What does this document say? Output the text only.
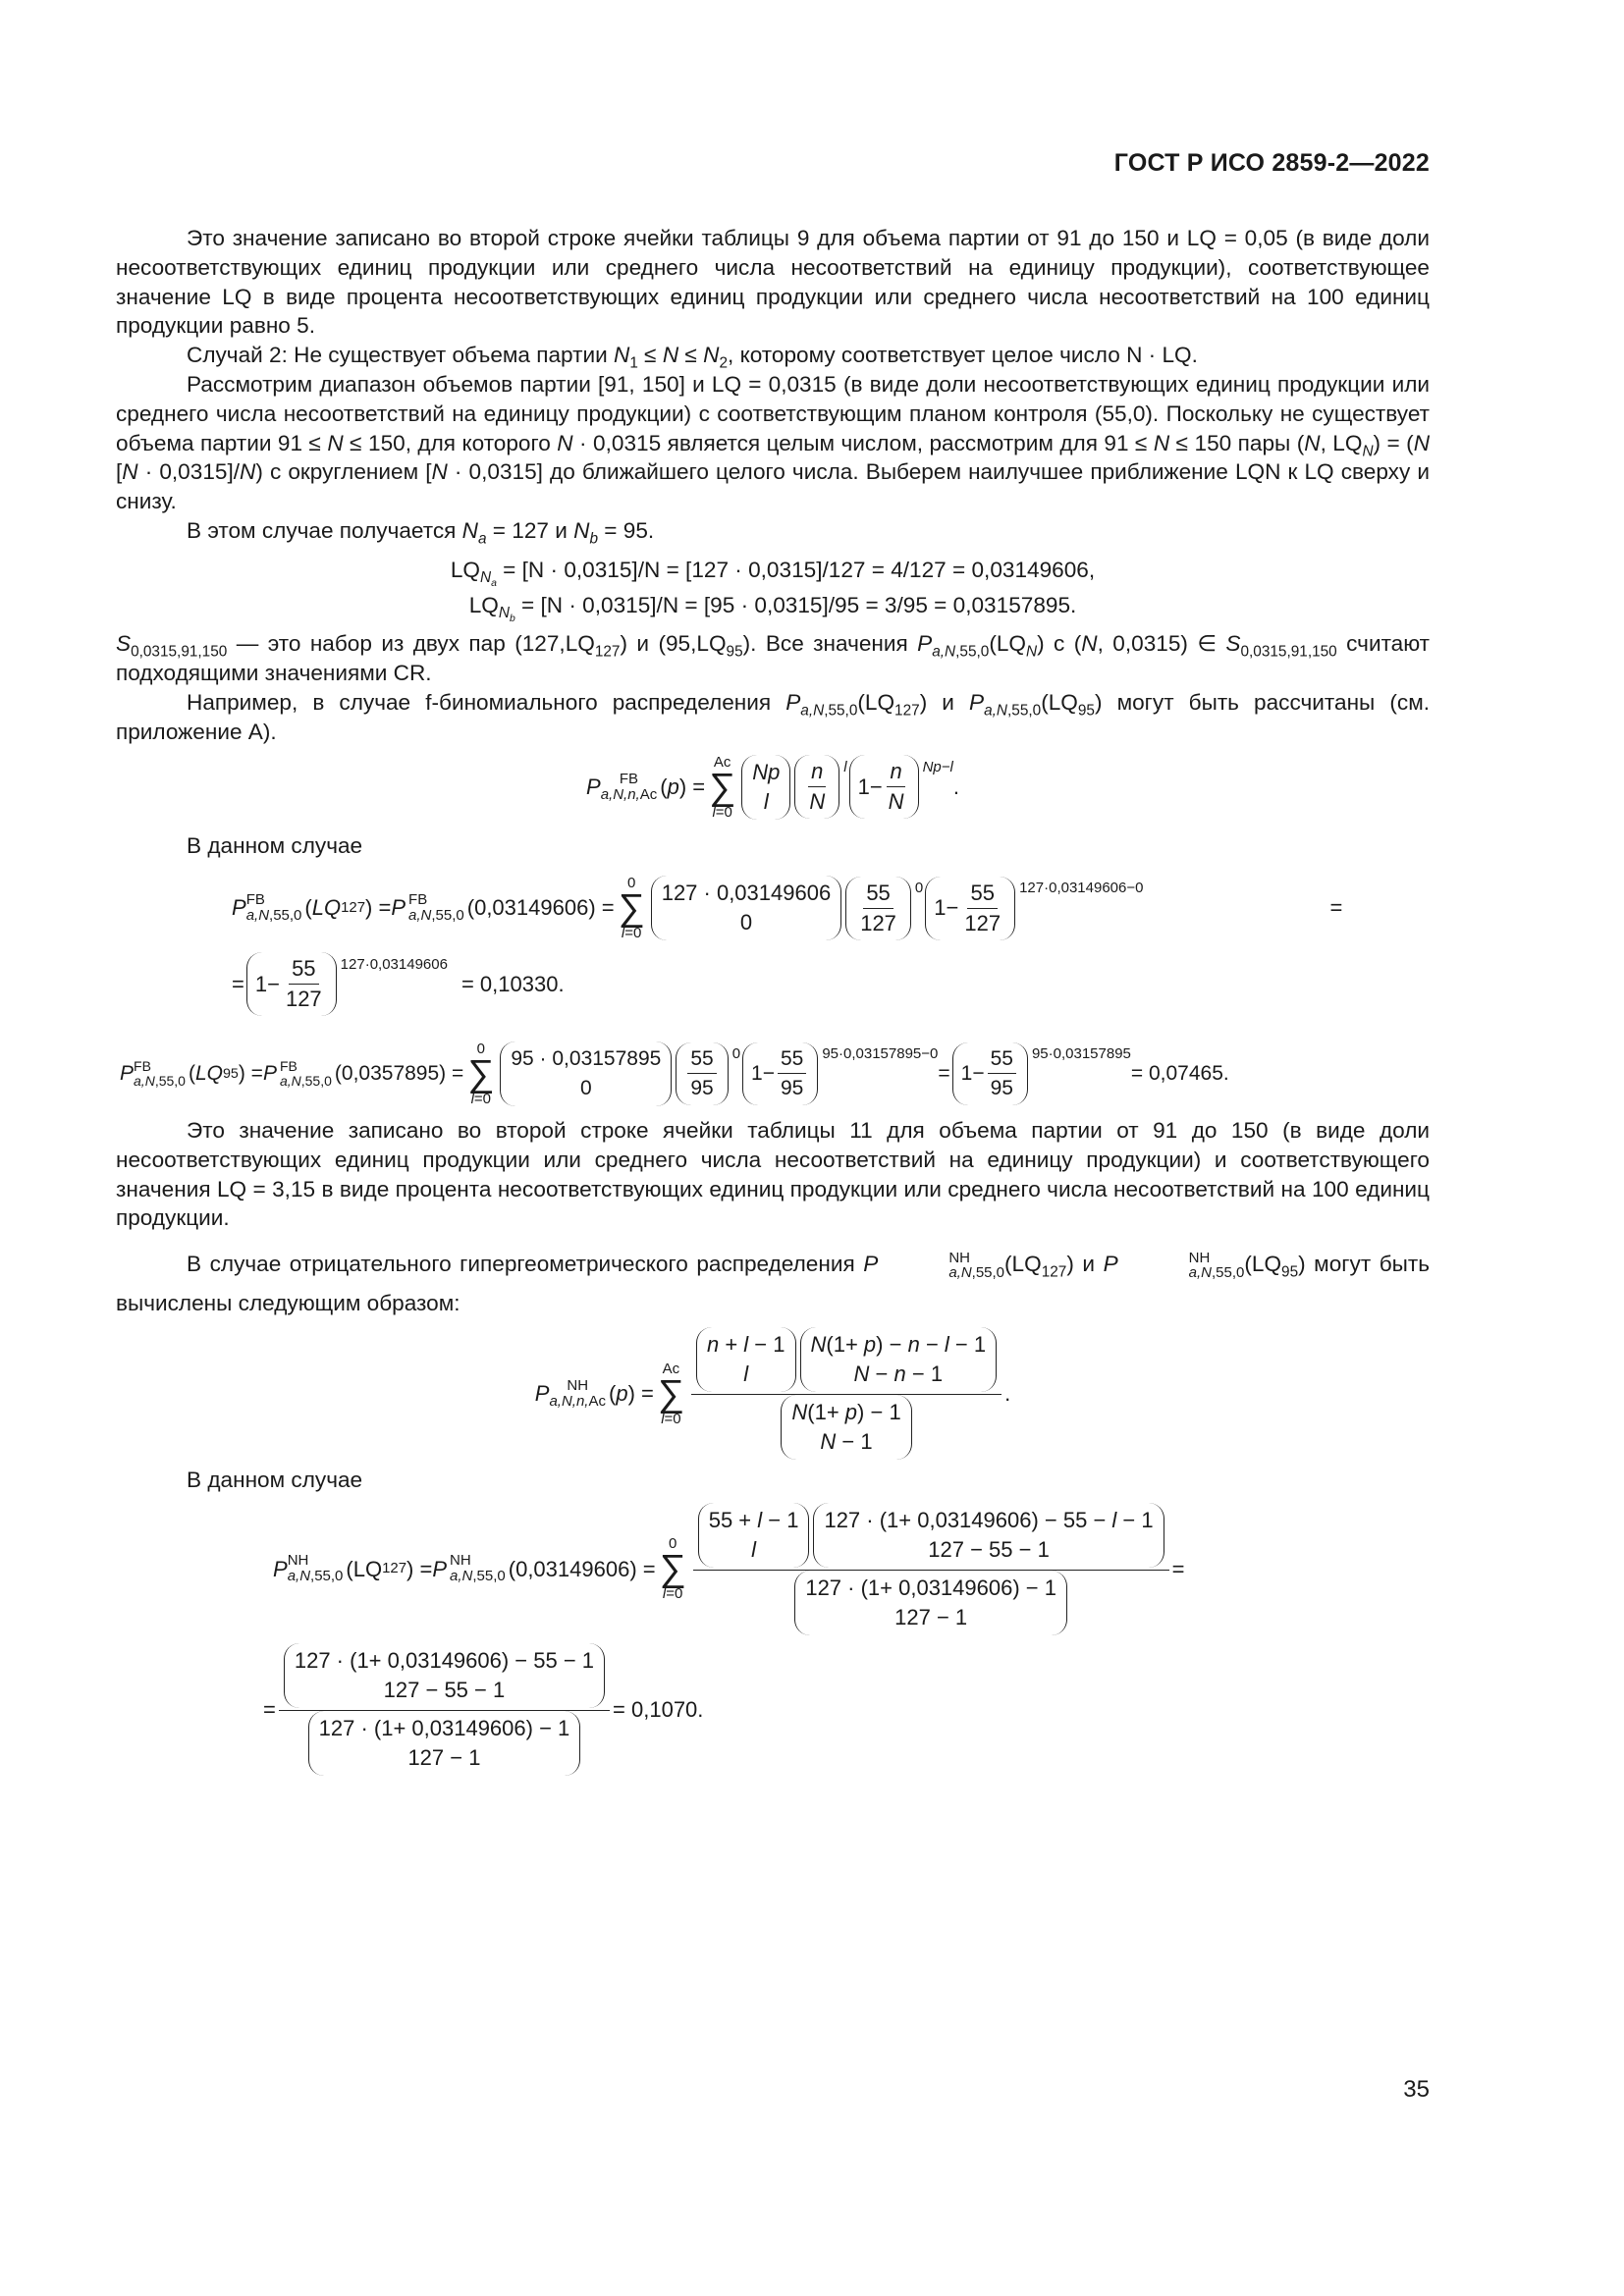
ГОСТ Р ИСО 2859-2—2022

Это значение записано во второй строке ячейки таблицы 9 для объема партии от 91 до 150 и LQ = 0,05 (в виде доли несоответствующих единиц продукции или среднего числа несоответствий на единицу продукции), соответствующее значение LQ в виде процента несоответствующих единиц продукции или среднего числа несоответствий на 100 единиц продукции равно 5.

Случай 2: Не существует объема партии $N_1 \le N \le N_2$, которому соответствует целое число N · LQ.

Рассмотрим диапазон объемов партии [91, 150] и LQ = 0,0315 (в виде доли несоответствующих единиц продукции или среднего числа несоответствий на единицу продукции) с соответствующим планом контроля (55,0). Поскольку не существует объема партии 91 ≤ N ≤ 150, для которого N · 0,0315 является целым числом, рассмотрим для 91 ≤ N ≤ 150 пары (N, $LQ_N) = (N$ [N · 0,0315]/N) с округлением [N · 0,0315] до ближайшего целого числа. Выберем наилучшее приближение LQN к LQ сверху и снизу.

В этом случае получается $N_a = 127$ и $N_b = 95$.

$LQ_{N_a} = [N \cdot 0,0315]/N = [127 \cdot 0,0315]/127 = 4/127 = 0,03149606$,
$LQ_{N_b} = [N \cdot 0,0315]/N = [95 \cdot 0,0315]/95 = 3/95 = 0,03157895$.

$S_{0,0315,91,150}$ — это набор из двух пар $(127,LQ_{127})$ и $(95,LQ_{95})$. Все значения $P_{a,N,55,0}(LQ_N)$ с (N, 0,0315) ∈ $S_{0,0315,91,150}$ считают подходящими значениями CR.

Например, в случае f-биномиального распределения $P_{a,N,55,0}(LQ_{127})$ и $P_{a,N,55,0}(LQ_{95})$ могут быть рассчитаны (см. приложение А).

P	FB
a,N,n,Ac ( p ) =
Ac
∑
l=0
Np
l $\frac{n}{N}$ l
$1- \frac{n}{N} Np-l$
.

В данном случае

P FB
a,N,55,0 ( LQ 127 ) = P FB
a,N,55,0 ( 0,03149606 ) =
0
∑
l=0
127 · 0,03149606
0	$\frac{55}{127} 0$
$1- \frac{55}{127} 127\cdot 0,03149606-0$
=
= $1- \frac{55}{127} 127\cdot 0,03149606$
= 0,10330.
P FB
a,N,55,0 ( LQ 95 ) = P FB
a,N,55,0 ( 0,0357895 ) =
0
∑
l=0
95 · 0,03157895
0	$\frac{55}{95} 0$
$1- \frac{55}{95} 95\cdot 0,03157895-0$
= $1- \frac{55}{95} 95\cdot 0,03157895$
= 0,07465.

Это значение записано во второй строке ячейки таблицы 11 для объема партии от 91 до 150 (в виде доли несоответствующих единиц продукции или среднего числа несоответствий на единицу продукции) и соответствующего значения LQ = 3,15 в виде процента несоответствующих единиц продукции или среднего числа несоответствий на 100 единиц продукции.

В случае отрицательного гипергеометрического распределения P	NH
a,N,55,0 $(LQ_{127})$ и P	NH
a,N,55,0 $(LQ_{95})$ могут быть вычислены следующим образом:

P	NH
a,N,n,Ac ( p ) =
Ac
∑
l=0 n + l − 1
l
N(1+ p) − n − l − 1
N − n − 1
N(1+ p) − 1
N − 1 .

В данном случае

P NH
a,N,55,0 (LQ 127 ) = P NH
a,N,55,0 ( 0,03149606 ) =
0
∑
l=0 55 + l − 1
l
127 · (1+ 0,03149606) − 55 − l − 1
127 − 55 − 1
127 · (1+ 0,03149606) − 1
127 − 1 =
= 127 · (1+ 0,03149606) − 55 − 1
127 − 55 − 1
127 · (1+ 0,03149606) − 1
127 − 1 = 0,1070.
35
